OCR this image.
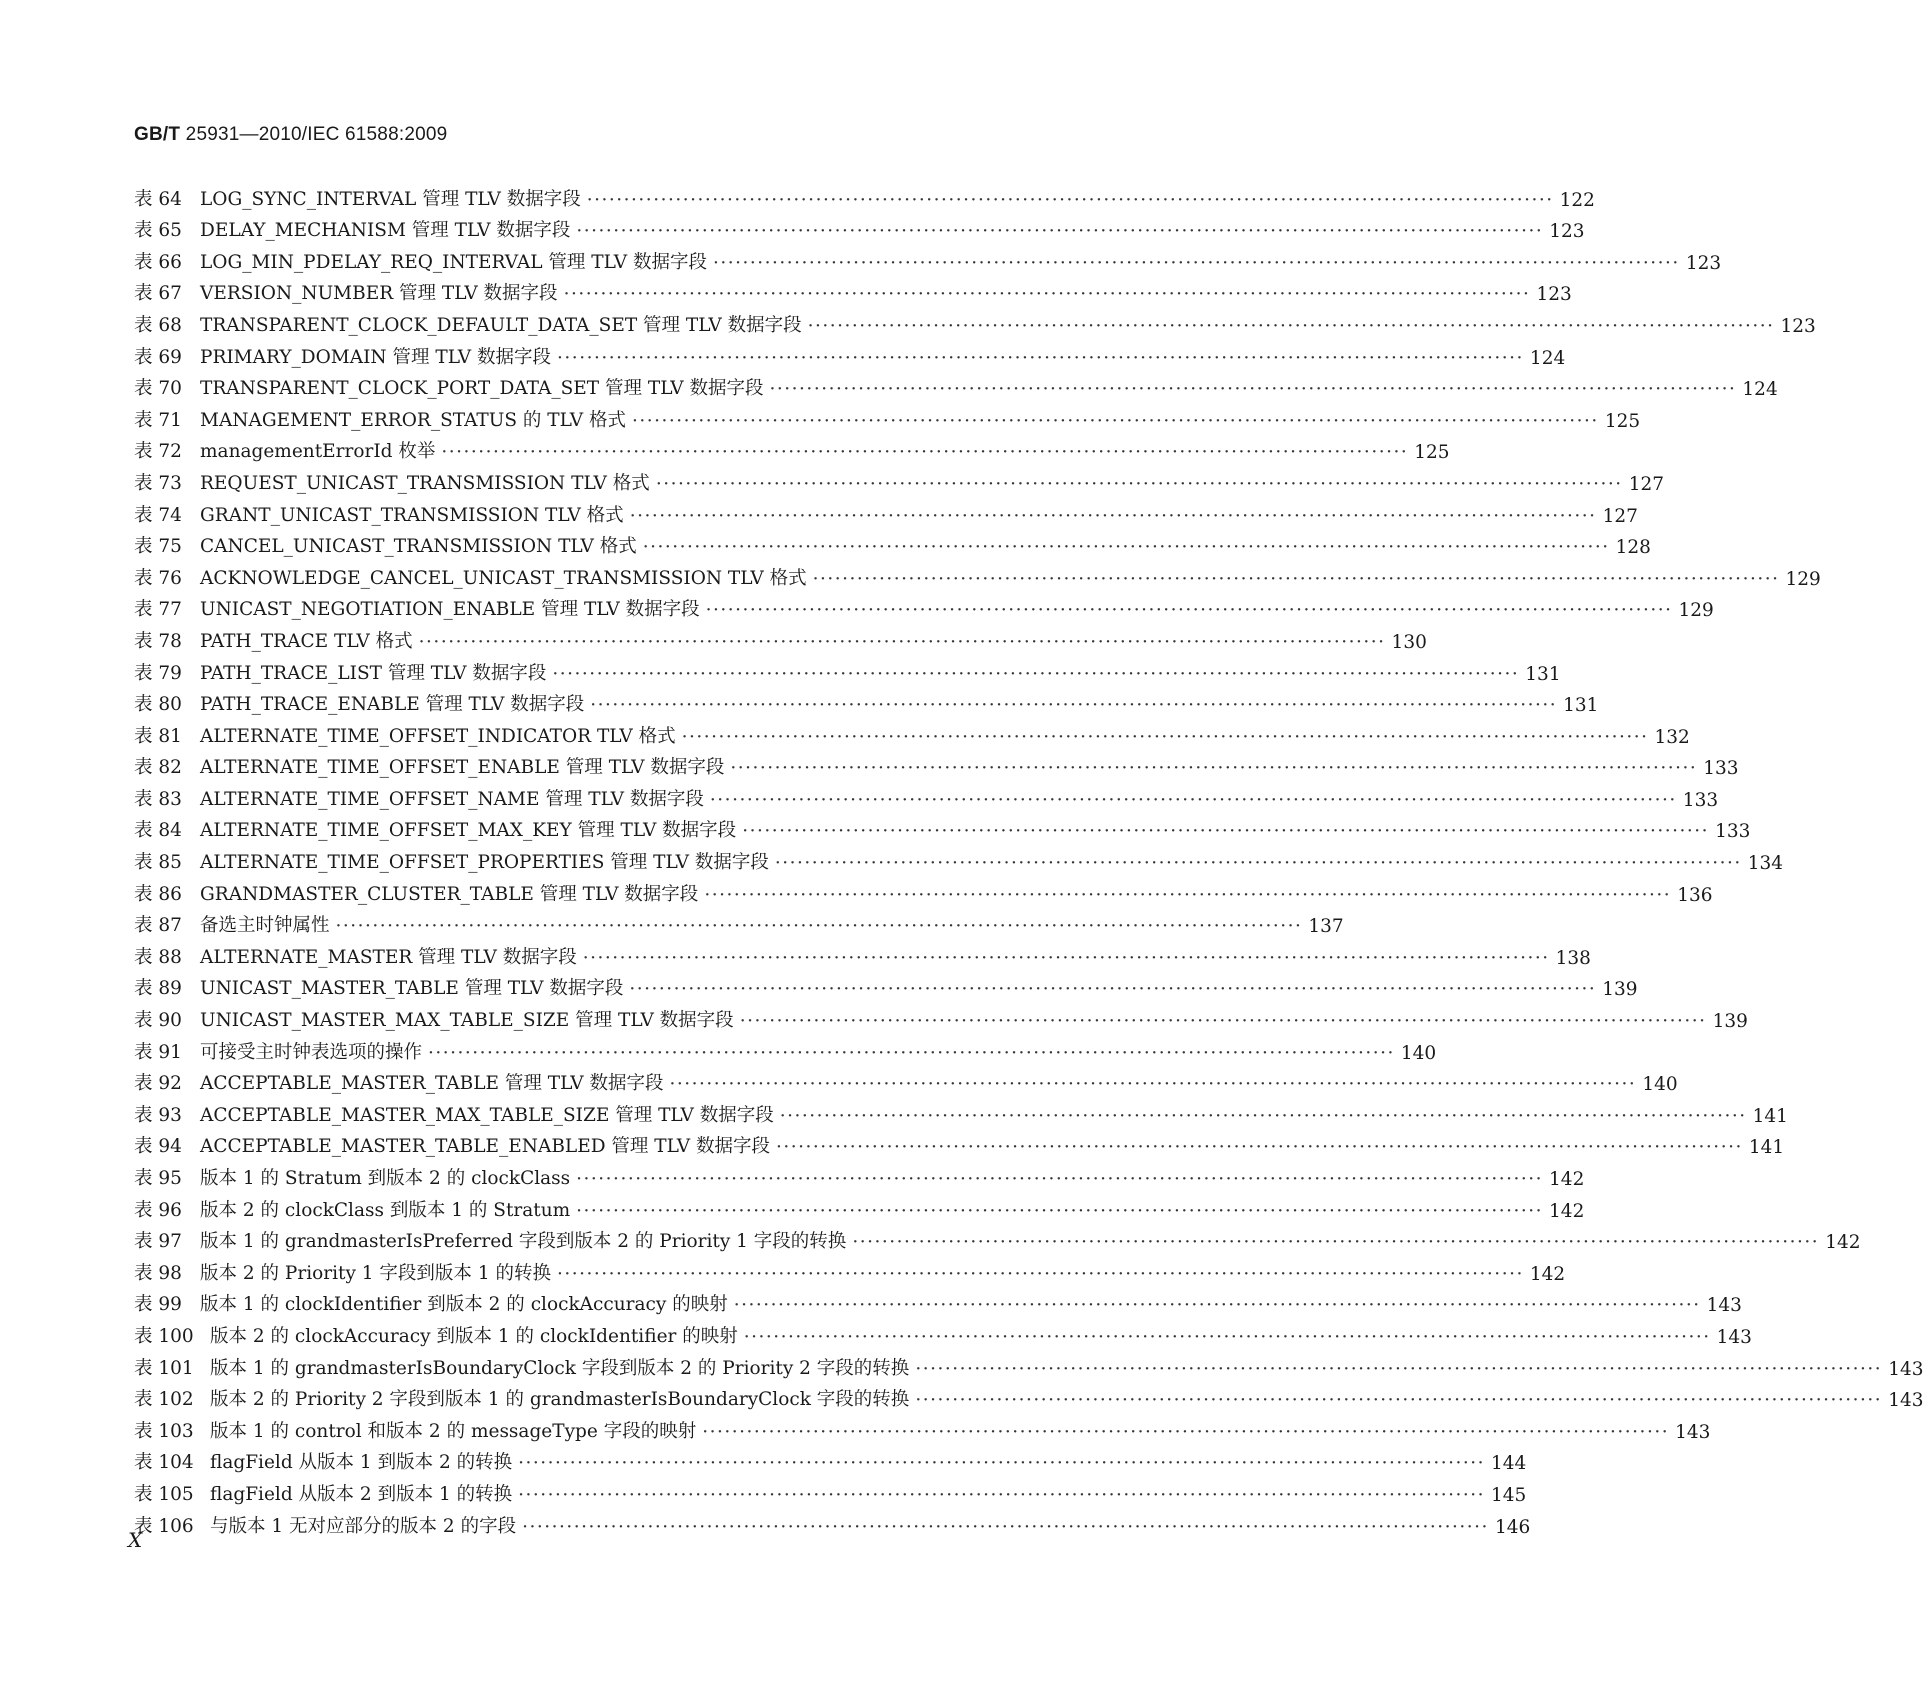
GB/T 25931—2010/IEC 61588:2009
表 64 LOG_SYNC_INTERVAL 管理 TLV 数据字段 ·····	122
表 65 DELAY_MECHANISM 管理 TLV 数据字段 ·····	123
表 66 LOG_MIN_PDELAY_REQ_INTERVAL 管理 TLV 数据字段 ·····	123
表 67 VERSION_NUMBER 管理 TLV 数据字段 ·····	123
表 68 TRANSPARENT_CLOCK_DEFAULT_DATA_SET 管理 TLV 数据字段 ·····	123
表 69 PRIMARY_DOMAIN 管理 TLV 数据字段 ·····	124
表 70 TRANSPARENT_CLOCK_PORT_DATA_SET 管理 TLV 数据字段 ·····	124
表 71 MANAGEMENT_ERROR_STATUS 的 TLV 格式 ·····	125
表 72 managementErrorId 枚举 ·····	125
表 73 REQUEST_UNICAST_TRANSMISSION TLV 格式 ·····	127
表 74 GRANT_UNICAST_TRANSMISSION TLV 格式 ·····	127
表 75 CANCEL_UNICAST_TRANSMISSION TLV 格式 ·····	128
表 76 ACKNOWLEDGE_CANCEL_UNICAST_TRANSMISSION TLV 格式 ·····	129
表 77 UNICAST_NEGOTIATION_ENABLE 管理 TLV 数据字段 ·····	129
表 78 PATH_TRACE TLV 格式 ·····	130
表 79 PATH_TRACE_LIST 管理 TLV 数据字段 ·····	131
表 80 PATH_TRACE_ENABLE 管理 TLV 数据字段 ·····	131
表 81 ALTERNATE_TIME_OFFSET_INDICATOR TLV 格式 ·····	132
表 82 ALTERNATE_TIME_OFFSET_ENABLE 管理 TLV 数据字段 ·····	133
表 83 ALTERNATE_TIME_OFFSET_NAME 管理 TLV 数据字段 ·····	133
表 84 ALTERNATE_TIME_OFFSET_MAX_KEY 管理 TLV 数据字段 ·····	133
表 85 ALTERNATE_TIME_OFFSET_PROPERTIES 管理 TLV 数据字段 ·····	134
表 86 GRANDMASTER_CLUSTER_TABLE 管理 TLV 数据字段 ·····	136
表 87 备选主时钟属性 ·····	137
表 88 ALTERNATE_MASTER 管理 TLV 数据字段 ·····	138
表 89 UNICAST_MASTER_TABLE 管理 TLV 数据字段 ·····	139
表 90 UNICAST_MASTER_MAX_TABLE_SIZE 管理 TLV 数据字段 ·····	139
表 91 可接受主时钟表选项的操作 ·····	140
表 92 ACCEPTABLE_MASTER_TABLE 管理 TLV 数据字段 ·····	140
表 93 ACCEPTABLE_MASTER_MAX_TABLE_SIZE 管理 TLV 数据字段 ·····	141
表 94 ACCEPTABLE_MASTER_TABLE_ENABLED 管理 TLV 数据字段 ·····	141
表 95 版本 1 的 Stratum 到版本 2 的 clockClass ·····	142
表 96 版本 2 的 clockClass 到版本 1 的 Stratum ·····	142
表 97 版本 1 的 grandmasterIsPreferred 字段到版本 2 的 Priority 1 字段的转换 ·····	142
表 98 版本 2 的 Priority 1 字段到版本 1 的转换 ·····	142
表 99 版本 1 的 clockIdentifier 到版本 2 的 clockAccuracy 的映射 ·····	143
表 100 版本 2 的 clockAccuracy 到版本 1 的 clockIdentifier 的映射 ·····	143
表 101 版本 1 的 grandmasterIsBoundaryClock 字段到版本 2 的 Priority 2 字段的转换 ·····	143
表 102 版本 2 的 Priority 2 字段到版本 1 的 grandmasterIsBoundaryClock 字段的转换 ·····	143
表 103 版本 1 的 control 和版本 2 的 messageType 字段的映射 ·····	143
表 104 flagField 从版本 1 到版本 2 的转换 ·····	144
表 105 flagField 从版本 2 到版本 1 的转换 ·····	145
表 106 与版本 1 无对应部分的版本 2 的字段 ·····	146
X
